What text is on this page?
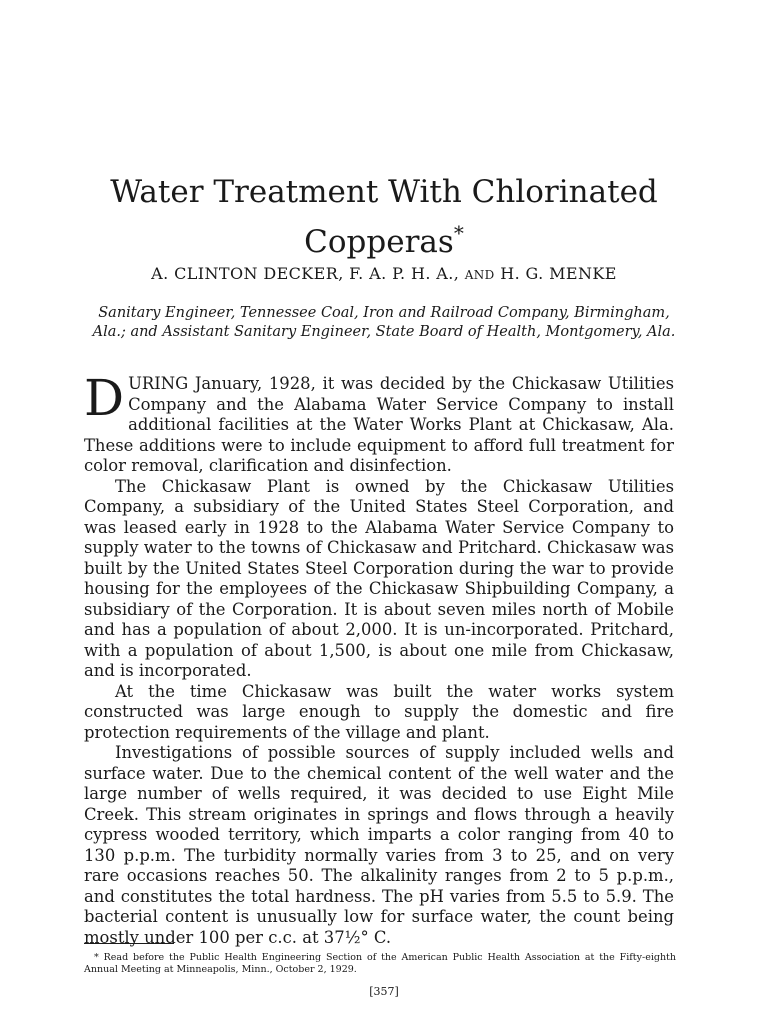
Water Treatment With Chlorinated
Copperas*
A. CLINTON DECKER, F. A. P. H. A., AND H. G. MENKE
Sanitary Engineer, Tennessee Coal, Iron and Railroad Company, Birmingham, Ala.; and Assistant Sanitary Engineer, State Board of Health, Montgomery, Ala.

DURING January, 1928, it was decided by the Chickasaw Utilities Company and the Alabama Water Service Company to install additional facilities at the Water Works Plant at Chickasaw, Ala. These additions were to include equipment to afford full treatment for color removal, clarification and disinfection.

The Chickasaw Plant is owned by the Chickasaw Utilities Company, a subsidiary of the United States Steel Corporation, and was leased early in 1928 to the Alabama Water Service Company to supply water to the towns of Chickasaw and Pritchard. Chickasaw was built by the United States Steel Corporation during the war to provide housing for the employees of the Chickasaw Shipbuilding Company, a subsidiary of the Corporation. It is about seven miles north of Mobile and has a population of about 2,000. It is un-incorporated. Pritchard, with a population of about 1,500, is about one mile from Chickasaw, and is incorporated.

At the time Chickasaw was built the water works system constructed was large enough to supply the domestic and fire protection requirements of the village and plant.

Investigations of possible sources of supply included wells and surface water. Due to the chemical content of the well water and the large number of wells required, it was decided to use Eight Mile Creek. This stream originates in springs and flows through a heavily cypress wooded territory, which imparts a color ranging from 40 to 130 p.p.m. The turbidity normally varies from 3 to 25, and on very rare occasions reaches 50. The alkalinity ranges from 2 to 5 p.p.m., and constitutes the total hardness. The pH varies from 5.5 to 5.9. The bacterial content is unusually low for surface water, the count being mostly under 100 per c.c. at 37½° C.

* Read before the Public Health Engineering Section of the American Public Health Association at the Fifty-eighth Annual Meeting at Minneapolis, Minn., October 2, 1929.

[357]
